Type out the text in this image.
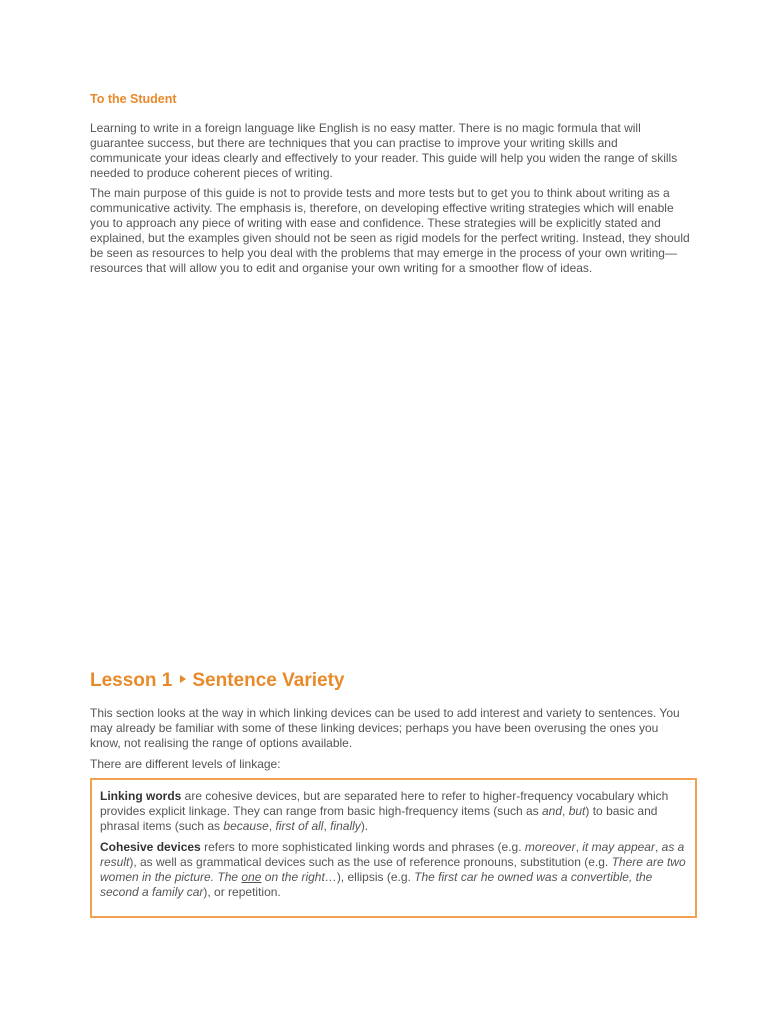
To the Student

Learning to write in a foreign language like English is no easy matter. There is no magic formula that will guarantee success, but there are techniques that you can practise to improve your writing skills and communicate your ideas clearly and effectively to your reader. This guide will help you widen the range of skills needed to produce coherent pieces of writing.

The main purpose of this guide is not to provide tests and more tests but to get you to think about writing as a communicative activity. The emphasis is, therefore, on developing effective writing strategies which will enable you to approach any piece of writing with ease and confidence. These strategies will be explicitly stated and explained, but the examples given should not be seen as rigid models for the perfect writing. Instead, they should be seen as resources to help you deal with the problems that may emerge in the process of your own writing—resources that will allow you to edit and organise your own writing for a smoother flow of ideas.

Lesson 1 Sentence Variety

This section looks at the way in which linking devices can be used to add interest and variety to sentences. You may already be familiar with some of these linking devices; perhaps you have been overusing the ones you know, not realising the range of options available.

There are different levels of linkage:

Linking words are cohesive devices, but are separated here to refer to higher-frequency vocabulary which provides explicit linkage. They can range from basic high-frequency items (such as and, but) to basic and phrasal items (such as because, first of all, finally).

Cohesive devices refers to more sophisticated linking words and phrases (e.g. moreover, it may appear, as a result), as well as grammatical devices such as the use of reference pronouns, substitution (e.g. There are two women in the picture. The one on the right…), ellipsis (e.g. The first car he owned was a convertible, the second a family car), or repetition.
